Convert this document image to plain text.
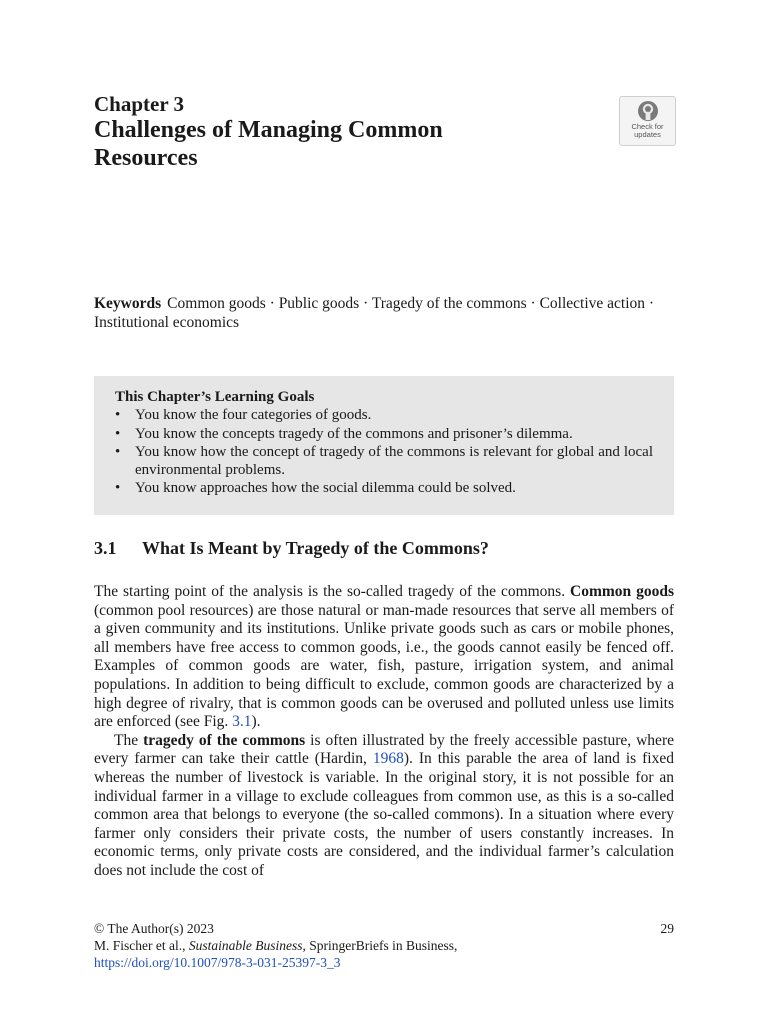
Chapter 3
Challenges of Managing Common Resources
Check for
updates
Keywords Common goods · Public goods · Tragedy of the commons · Collective action · Institutional economics
This Chapter’s Learning Goals
• You know the four categories of goods.
• You know the concepts tragedy of the commons and prisoner’s dilemma.
• You know how the concept of tragedy of the commons is relevant for global and local environmental problems.
• You know approaches how the social dilemma could be solved.
3.1 What Is Meant by Tragedy of the Commons?

The starting point of the analysis is the so-called tragedy of the commons. Common goods (common pool resources) are those natural or man-made resources that serve all members of a given community and its institutions. Unlike private goods such as cars or mobile phones, all members have free access to common goods, i.e., the goods cannot easily be fenced off. Examples of common goods are water, fish, pasture, irrigation system, and animal populations. In addition to being difficult to exclude, common goods are characterized by a high degree of rivalry, that is common goods can be overused and polluted unless use limits are enforced (see Fig. 3.1).

The tragedy of the commons is often illustrated by the freely accessible pasture, where every farmer can take their cattle (Hardin, 1968). In this parable the area of land is fixed whereas the number of livestock is variable. In the original story, it is not possible for an individual farmer in a village to exclude colleagues from common use, as this is a so-called common area that belongs to everyone (the so-called commons). In a situation where every farmer only considers their private costs, the number of users constantly increases. In economic terms, only private costs are considered, and the individual farmer’s calculation does not include the cost of

© The Author(s) 2023
M. Fischer et al., Sustainable Business, SpringerBriefs in Business,
https://doi.org/10.1007/978-3-031-25397-3_3
29
